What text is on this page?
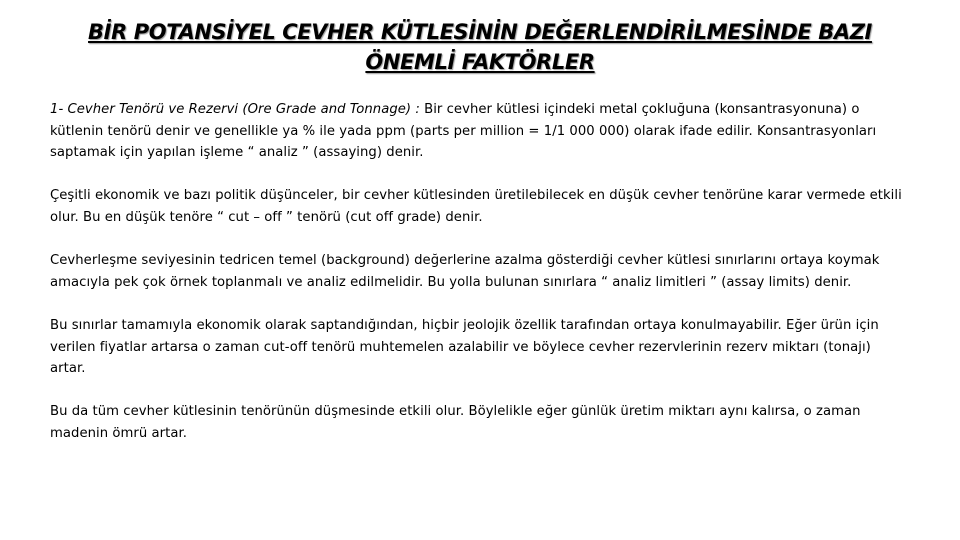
BİR POTANSİYEL CEVHER KÜTLESİNİN DEĞERLENDİRİLMESİNDE BAZI
ÖNEMLİ FAKTÖRLER

1- Cevher Tenörü ve Rezervi (Ore Grade and Tonnage) : Bir cevher kütlesi içindeki metal çokluğuna (konsantrasyonuna) o kütlenin tenörü denir ve genellikle ya % ile yada ppm (parts per million = 1/1 000 000) olarak ifade edilir. Konsantrasyonları saptamak için yapılan işleme “ analiz ” (assaying) denir.

Çeşitli ekonomik ve bazı politik düşünceler, bir cevher kütlesinden üretilebilecek en düşük cevher tenörüne karar vermede etkili olur. Bu en düşük tenöre “ cut – off ” tenörü (cut off grade) denir.

Cevherleşme seviyesinin tedricen temel (background) değerlerine azalma gösterdiği cevher kütlesi sınırlarını ortaya koymak amacıyla pek çok örnek toplanmalı ve analiz edilmelidir. Bu yolla bulunan sınırlara “ analiz limitleri ” (assay limits) denir.

Bu sınırlar tamamıyla ekonomik olarak saptandığından, hiçbir jeolojik özellik tarafından ortaya konulmayabilir. Eğer ürün için verilen fiyatlar artarsa o zaman cut-off tenörü muhtemelen azalabilir ve böylece cevher rezervlerinin rezerv miktarı (tonajı) artar.

Bu da tüm cevher kütlesinin tenörünün düşmesinde etkili olur. Böylelikle eğer günlük üretim miktarı aynı kalırsa, o zaman madenin ömrü artar.
